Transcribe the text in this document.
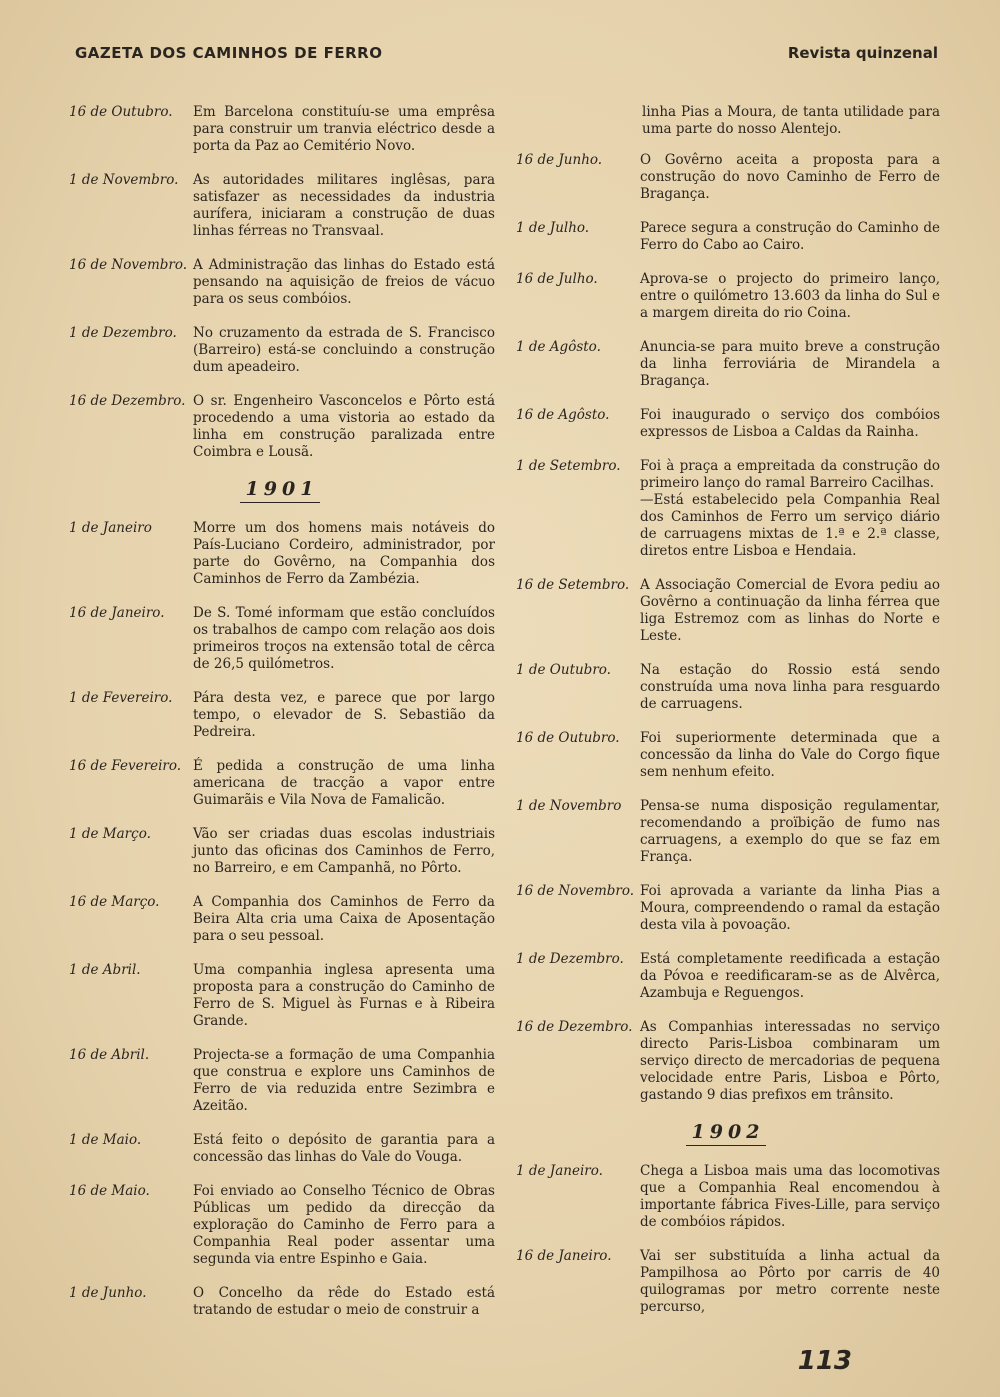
GAZETA DOS CAMINHOS DE FERRO	Revista quinzenal
16 de Outubro.	Em Barcelona constituíu-se uma emprêsa para construir um tranvia eléctrico desde a porta da Paz ao Cemitério Novo.
1 de Novembro.	As autoridades militares inglêsas, para satisfazer as necessidades da industria aurífera, iniciaram a construção de duas linhas férreas no Transvaal.
16 de Novembro. A Administração das linhas do Estado está pensando na aquisição de freios de vácuo para os seus combóios.
1 de Dezembro.	No cruzamento da estrada de S. Francisco (Barreiro) está-se concluindo a construção dum apeadeiro.
16 de Dezembro. O sr. Engenheiro Vasconcelos e Pôrto está procedendo a uma vistoria ao estado da linha em construção paralizada entre Coimbra e Lousã.
1901
1 de Janeiro	Morre um dos homens mais notáveis do País-Luciano Cordeiro, administrador, por parte do Govêrno, na Companhia dos Caminhos de Ferro da Zambézia.
16 de Janeiro.	De S. Tomé informam que estão concluídos os trabalhos de campo com relação aos dois primeiros troços na extensão total de cêrca de 26,5 quilómetros.
1 de Fevereiro.	Pára desta vez, e parece que por largo tempo, o elevador de S. Sebastião da Pedreira.
16 de Fevereiro. É pedida a construção de uma linha americana de tracção a vapor entre Guimarãis e Vila Nova de Famalicão.
1 de Março.	Vão ser criadas duas escolas industriais junto das oficinas dos Caminhos de Ferro, no Barreiro, e em Campanhã, no Pôrto.
16 de Março.	A Companhia dos Caminhos de Ferro da Beira Alta cria uma Caixa de Aposentação para o seu pessoal.
1 de Abril.	Uma companhia inglesa apresenta uma proposta para a construção do Caminho de Ferro de S. Miguel às Furnas e à Ribeira Grande.
16 de Abril.	Projecta-se a formação de uma Companhia que construa e explore uns Caminhos de Ferro de via reduzida entre Sezimbra e Azeitão.
1 de Maio.	Está feito o depósito de garantia para a concessão das linhas do Vale do Vouga.
16 de Maio.	Foi enviado ao Conselho Técnico de Obras Públicas um pedido da direcção da exploração do Caminho de Ferro para a Companhia Real poder assentar uma segunda via entre Espinho e Gaia.
1 de Junho.	O Concelho da rêde do Estado está tratando de estudar o meio de construir a
linha Pias a Moura, de tanta utilidade para uma parte do nosso Alentejo.
16 de Junho.	O Govêrno aceita a proposta para a construção do novo Caminho de Ferro de Bragança.
1 de Julho.	Parece segura a construção do Caminho de Ferro do Cabo ao Cairo.
16 de Julho.	Aprova-se o projecto do primeiro lanço, entre o quilómetro 13.603 da linha do Sul e a margem direita do rio Coina.
1 de Agôsto.	Anuncia-se para muito breve a construção da linha ferroviária de Mirandela a Bragança.
16 de Agôsto.	Foi inaugurado o serviço dos combóios expressos de Lisboa a Caldas da Rainha.
1 de Setembro.	Foi à praça a empreitada da construção do primeiro lanço do ramal Barreiro Cacilhas.
—Está estabelecido pela Companhia Real dos Caminhos de Ferro um serviço diário de carruagens mixtas de 1.ª e 2.ª classe, diretos entre Lisboa e Hendaia.
16 de Setembro. A Associação Comercial de Evora pediu ao Govêrno a continuação da linha férrea que liga Estremoz com as linhas do Norte e Leste.
1 de Outubro.	Na estação do Rossio está sendo construída uma nova linha para resguardo de carruagens.
16 de Outubro.	Foi superiormente determinada que a concessão da linha do Vale do Corgo fique sem nenhum efeito.
1 de Novembro	Pensa-se numa disposição regulamentar, recomendando a proïbição de fumo nas carruagens, a exemplo do que se faz em França.
16 de Novembro. Foi aprovada a variante da linha Pias a Moura, compreendendo o ramal da estação desta vila à povoação.
1 de Dezembro.	Está completamente reedificada a estação da Póvoa e reedificaram-se as de Alvêrca, Azambuja e Reguengos.
16 de Dezembro. As Companhias interessadas no serviço directo Paris-Lisboa combinaram um serviço directo de mercadorias de pequena velocidade entre Paris, Lisboa e Pôrto, gastando 9 dias prefixos em trânsito.
1902
1 de Janeiro.	Chega a Lisboa mais uma das locomotivas que a Companhia Real encomendou à importante fábrica Fives-Lille, para serviço de combóios rápidos.
16 de Janeiro.	Vai ser substituída a linha actual da Pampilhosa ao Pôrto por carris de 40 quilogramas por metro corrente neste percurso,
113
